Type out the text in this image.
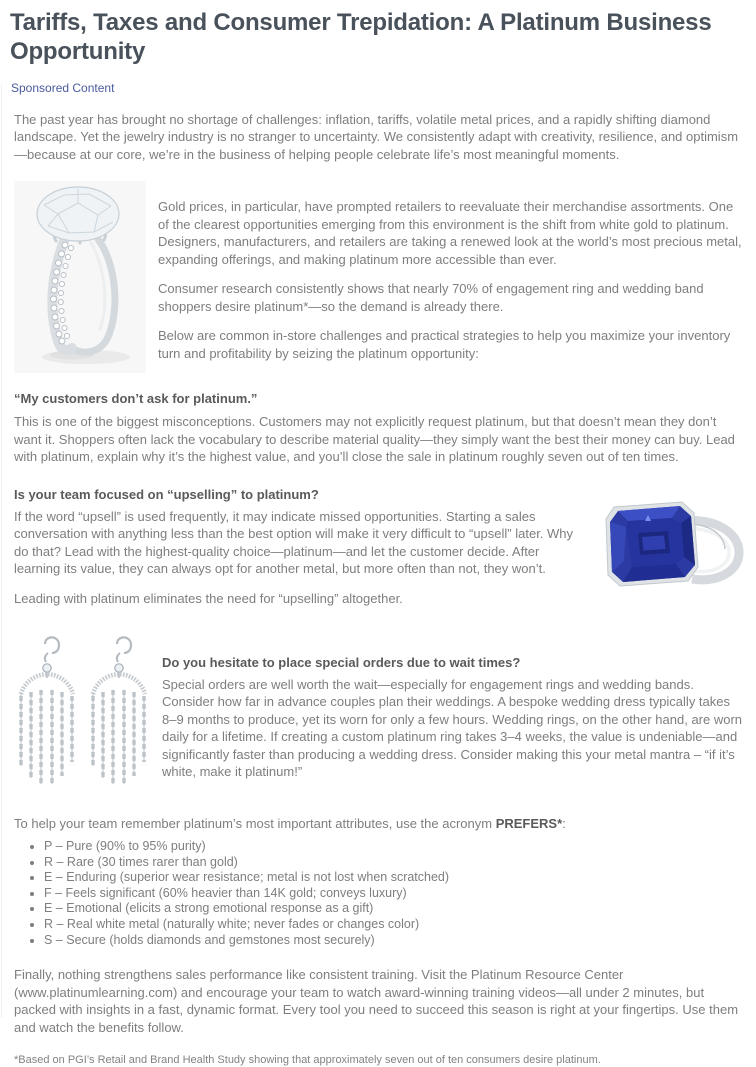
Tariffs, Taxes and Consumer Trepidation: A Platinum Business Opportunity
Sponsored Content

The past year has brought no shortage of challenges: inflation, tariffs, volatile metal prices, and a rapidly shifting diamond landscape. Yet the jewelry industry is no stranger to uncertainty. We consistently adapt with creativity, resilience, and optimism—because at our core, we’re in the business of helping people celebrate life’s most meaningful moments.

Gold prices, in particular, have prompted retailers to reevaluate their merchandise assortments. One of the clearest opportunities emerging from this environment is the shift from white gold to platinum. Designers, manufacturers, and retailers are taking a renewed look at the world’s most precious metal, expanding offerings, and making platinum more accessible than ever.

Consumer research consistently shows that nearly 70% of engagement ring and wedding band shoppers desire platinum*—so the demand is already there.

Below are common in-store challenges and practical strategies to help you maximize your inventory turn and profitability by seizing the platinum opportunity:

“My customers don’t ask for platinum.”

This is one of the biggest misconceptions. Customers may not explicitly request platinum, but that doesn’t mean they don’t want it. Shoppers often lack the vocabulary to describe material quality—they simply want the best their money can buy. Lead with platinum, explain why it’s the highest value, and you’ll close the sale in platinum roughly seven out of ten times.

Is your team focused on “upselling” to platinum?

If the word “upsell” is used frequently, it may indicate missed opportunities. Starting a sales conversation with anything less than the best option will make it very difficult to “upsell” later. Why do that? Lead with the highest-quality choice—platinum—and let the customer decide. After learning its value, they can always opt for another metal, but more often than not, they won’t.

Leading with platinum eliminates the need for “upselling” altogether.

Do you hesitate to place special orders due to wait times?

Special orders are well worth the wait—especially for engagement rings and wedding bands. Consider how far in advance couples plan their weddings. A bespoke wedding dress typically takes 8–9 months to produce, yet its worn for only a few hours. Wedding rings, on the other hand, are worn daily for a lifetime. If creating a custom platinum ring takes 3–4 weeks, the value is undeniable—and significantly faster than producing a wedding dress. Consider making this your metal mantra – “if it’s white, make it platinum!”

To help your team remember platinum’s most important attributes, use the acronym PREFERS*:

• P – Pure (90% to 95% purity)
• R – Rare (30 times rarer than gold)
• E – Enduring (superior wear resistance; metal is not lost when scratched)
• F – Feels significant (60% heavier than 14K gold; conveys luxury)
• E – Emotional (elicits a strong emotional response as a gift)
• R – Real white metal (naturally white; never fades or changes color)
• S – Secure (holds diamonds and gemstones most securely)

Finally, nothing strengthens sales performance like consistent training. Visit the Platinum Resource Center (www.platinumlearning.com) and encourage your team to watch award-winning training videos—all under 2 minutes, but packed with insights in a fast, dynamic format. Every tool you need to succeed this season is right at your fingertips. Use them and watch the benefits follow.

*Based on PGI’s Retail and Brand Health Study showing that approximately seven out of ten consumers desire platinum.
